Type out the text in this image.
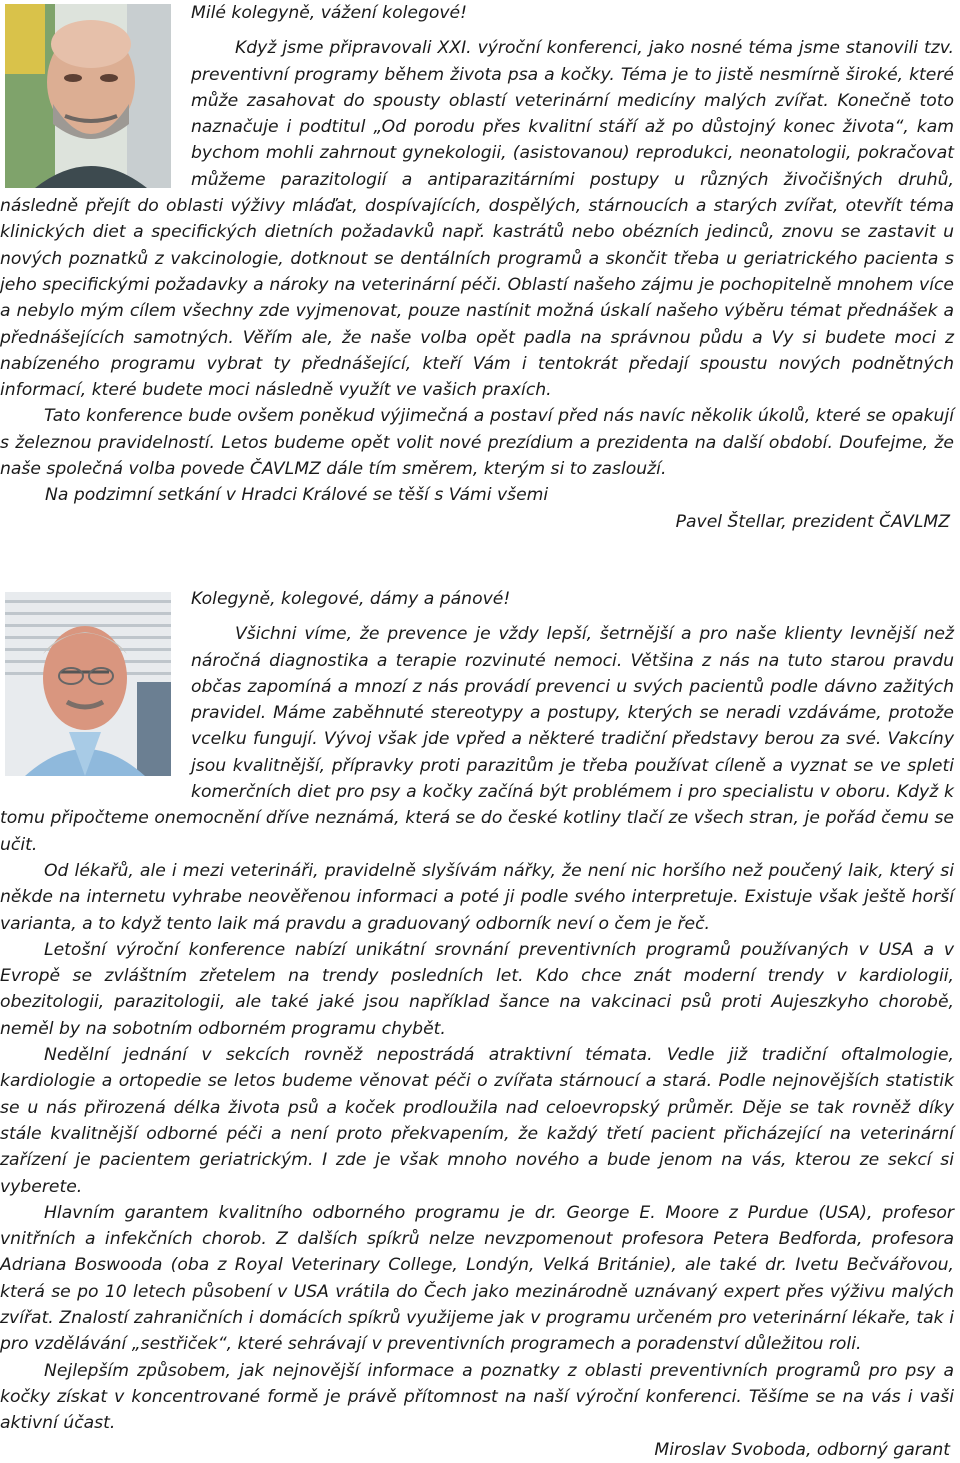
Milé kolegyně, vážení kolegové!

Když jsme připravovali XXI. výroční konferenci, jako nosné téma jsme stanovili tzv. preventivní programy během života psa a kočky. Téma je to jistě nesmírně široké, které může zasahovat do spousty oblastí veterinární medicíny malých zvířat. Konečně toto naznačuje i podtitul „Od porodu přes kvalitní stáří až po důstojný konec života“, kam bychom mohli zahrnout gynekologii, (asistovanou) reprodukci, neonatologii, pokračovat můžeme parazitologií a antiparazitárními postupy u různých živočišných druhů, následně přejít do oblasti výživy mláďat, dospívajících, dospělých, stárnoucích a starých zvířat, otevřít téma klinických diet a specifických dietních požadavků např. kastrátů nebo obézních jedinců, znovu se zastavit u nových poznatků z vakcinologie, dotknout se dentálních programů a skončit třeba u geriatrického pacienta s jeho specifickými požadavky a nároky na veterinární péči. Oblastí našeho zájmu je pochopitelně mnohem více a nebylo mým cílem všechny zde vyjmenovat, pouze nastínit možná úskalí našeho výběru témat přednášek a přednášejících samotných. Věřím ale, že naše volba opět padla na správnou půdu a Vy si budete moci z nabízeného programu vybrat ty přednášející, kteří Vám i tentokrát předají spoustu nových podnětných informací, které budete moci následně využít ve vašich praxích.

Tato konference bude ovšem poněkud výjimečná a postaví před nás navíc několik úkolů, které se opakují s železnou pravidelností. Letos budeme opět volit nové prezídium a prezidenta na další období. Doufejme, že naše společná volba povede ČAVLMZ dále tím směrem, kterým si to zaslouží.

Na podzimní setkání v Hradci Králové se těší s Vámi všemi

Pavel Štellar, prezident ČAVLMZ

Kolegyně, kolegové, dámy a pánové!

Všichni víme, že prevence je vždy lepší, šetrnější a pro naše klienty levnější než náročná diagnostika a terapie rozvinuté nemoci. Většina z nás na tuto starou pravdu občas zapomíná a mnozí z nás provádí prevenci u svých pacientů podle dávno zažitých pravidel. Máme zaběhnuté stereotypy a postupy, kterých se neradi vzdáváme, protože vcelku fungují. Vývoj však jde vpřed a některé tradiční představy berou za své. Vakcíny jsou kvalitnější, přípravky proti parazitům je třeba používat cíleně a vyznat se ve spleti komerčních diet pro psy a kočky začíná být problémem i pro specialistu v oboru. Když k tomu připočteme onemocnění dříve neznámá, která se do české kotliny tlačí ze všech stran, je pořád čemu se učit.

Od lékařů, ale i mezi veterináři, pravidelně slyšívám nářky, že není nic horšího než poučený laik, který si někde na internetu vyhrabe neověřenou informaci a poté ji podle svého interpretuje. Existuje však ještě horší varianta, a to když tento laik má pravdu a graduovaný odborník neví o čem je řeč.

Letošní výroční konference nabízí unikátní srovnání preventivních programů používaných v USA a v Evropě se zvláštním zřetelem na trendy posledních let. Kdo chce znát moderní trendy v kardiologii, obezitologii, parazitologii, ale také jaké jsou například šance na vakcinaci psů proti Aujeszkyho chorobě, neměl by na sobotním odborném programu chybět.

Nedělní jednání v sekcích rovněž nepostrádá atraktivní témata. Vedle již tradiční oftalmologie, kardiologie a ortopedie se letos budeme věnovat péči o zvířata stárnoucí a stará. Podle nejnovějších statistik se u nás přirozená délka života psů a koček prodloužila nad celoevropský průměr. Děje se tak rovněž díky stále kvalitnější odborné péči a není proto překvapením, že každý třetí pacient přicházející na veterinární zařízení je pacientem geriatrickým. I zde je však mnoho nového a bude jenom na vás, kterou ze sekcí si vyberete.

Hlavním garantem kvalitního odborného programu je dr. George E. Moore z Purdue (USA), profesor vnitřních a infekčních chorob. Z dalších spíkrů nelze nevzpomenout profesora Petera Bedforda, profesora Adriana Boswooda (oba z Royal Veterinary College, Londýn, Velká Británie), ale také dr. Ivetu Bečvářovou, která se po 10 letech působení v USA vrátila do Čech jako mezinárodně uznávaný expert přes výživu malých zvířat. Znalostí zahraničních i domácích spíkrů využijeme jak v programu určeném pro veterinární lékaře, tak i pro vzdělávání „sestřiček“, které sehrávají v preventivních programech a poradenství důležitou roli.

Nejlepším způsobem, jak nejnovější informace a poznatky z oblasti preventivních programů pro psy a kočky získat v koncentrované formě je právě přítomnost na naší výroční konferenci. Těšíme se na vás i vaši aktivní účast.

Miroslav Svoboda, odborný garant
